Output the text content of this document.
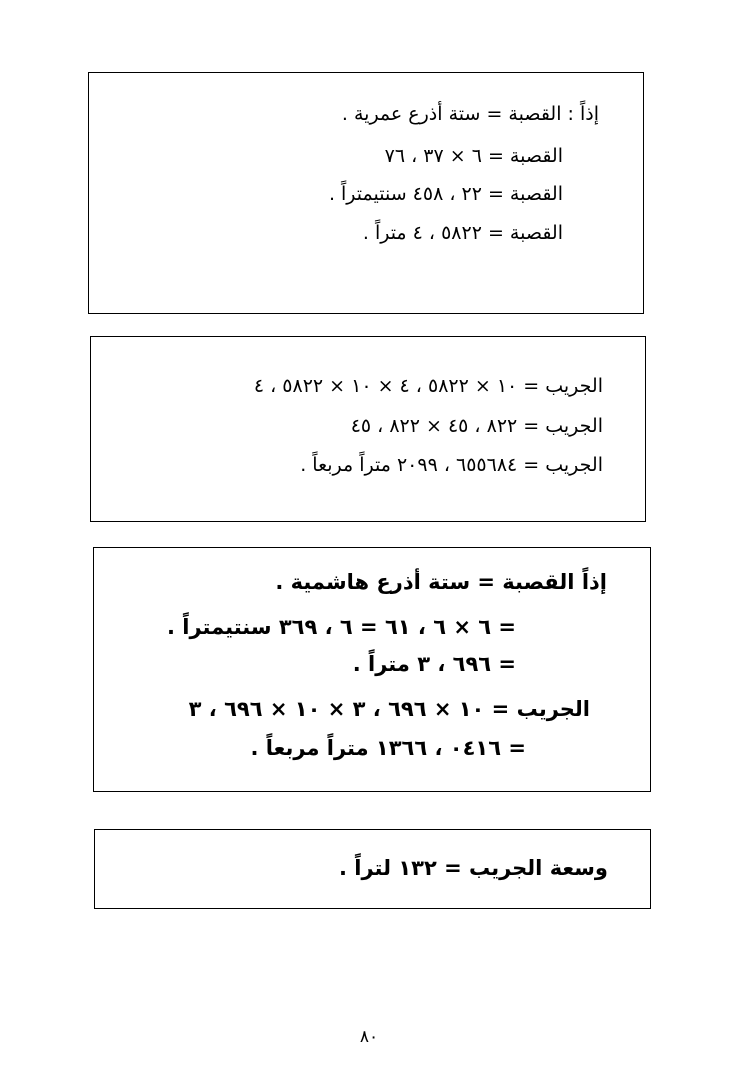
إذاً : القصبة = ستة أذرع عمرية .
القصبة = ٦ × ٣٧ ، ٧٦
القصبة = ٢٢ ، ٤٥٨ سنتيمتراً .
القصبة = ٥٨٢٢ ، ٤ متراً .
الجريب = ١٠ × ٥٨٢٢ ، ٤ × ١٠ × ٥٨٢٢ ، ٤
الجريب = ٨٢٢ ، ٤٥ × ٨٢٢ ، ٤٥
الجريب = ٦٥٥٦٨٤ ، ٢٠٩٩ متراً مربعاً .
إذاً القصبة = ستة أذرع هاشمية .
= ٦ × ٦ ، ٦١ = ٦ ، ٣٦٩ سنتيمتراً .
= ٦٩٦ ، ٣ متراً .
الجريب = ١٠ × ٦٩٦ ، ٣ × ١٠ × ٦٩٦ ، ٣
= ٠٤١٦ ، ١٣٦٦ متراً مربعاً .
وسعة الجريب = ١٣٢ لتراً .
٨٠
